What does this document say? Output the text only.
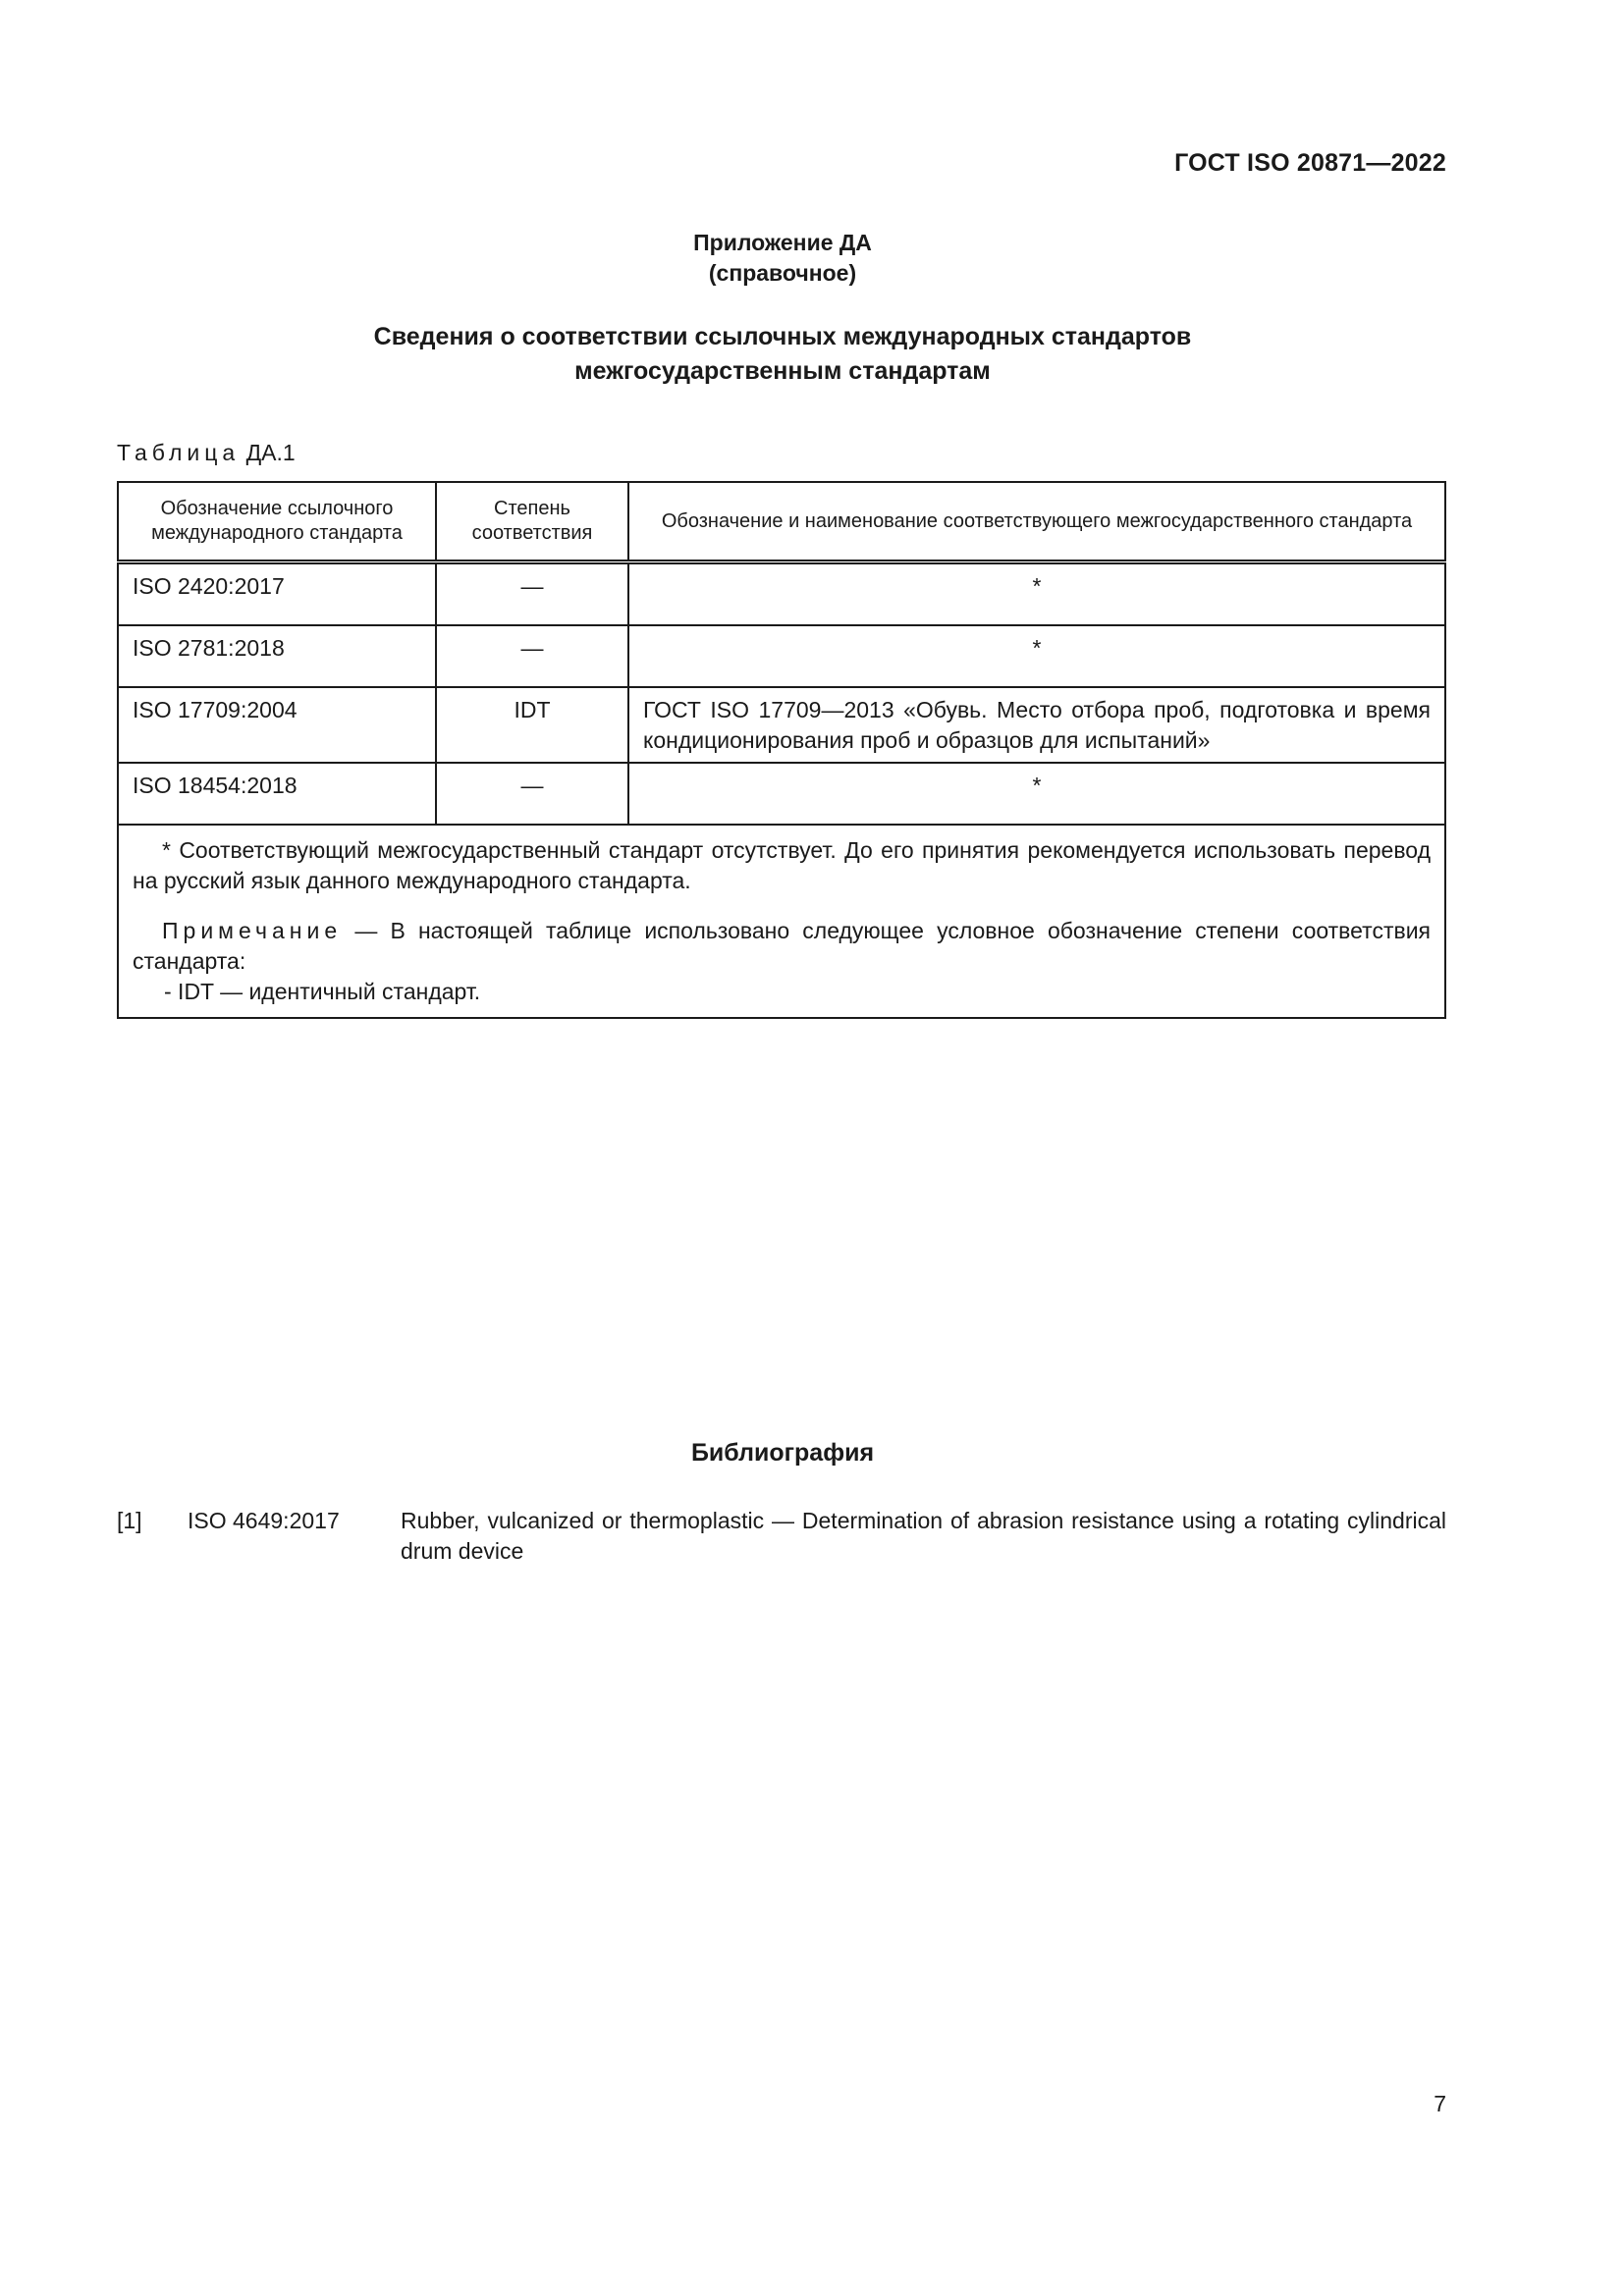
ГОСТ ISO 20871—2022
Приложение ДА
(справочное)
Сведения о соответствии ссылочных международных стандартов
межгосударственным стандартам
Таблица ДА.1
Обозначение ссылочного международного стандарта	Степень соответствия	Обозначение и наименование соответствующего межгосударственного стандарта
ISO 2420:2017	—	*
ISO 2781:2018	—	*
ISO 17709:2004	IDT	ГОСТ ISO 17709—2013 «Обувь. Место отбора проб, подготовка и время кондиционирования проб и образцов для испытаний»
ISO 18454:2018	—	*

* Соответствующий межгосударственный стандарт отсутствует. До его принятия рекомендуется использовать перевод на русский язык данного международного стандарта.

Примечание — В настоящей таблице использовано следующее условное обозначение степени соответствия стандарта:

- IDT — идентичный стандарт.		

Библиография
[1] ISO 4649:2017	Rubber, vulcanized or thermoplastic — Determination of abrasion resistance using a rotating cylindrical drum device
7
